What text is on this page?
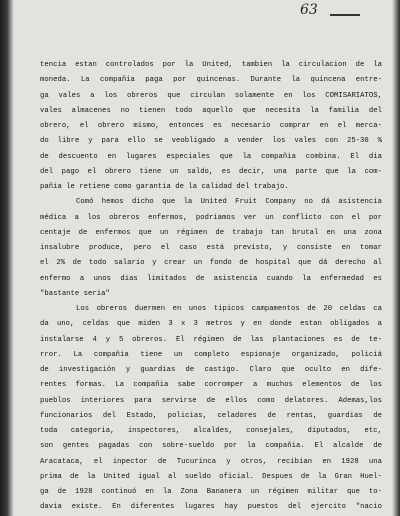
63
tencia estan controlados por la United, tambien la circulacion de la
moneda. La compañia paga por quincenas. Durante la quincena entre-
ga vales a los obreros que circulan solamente en los COMISARIATOS,
vales almacenes no tienen todo aquello que necesita la familia del
obrero, el obrero mismo, entonces es necesario comprar en el merca-
do libre y para ello se veobligado a vender los vales con 25-30 %
de descuento en lugares especiales que la compañia combina. El dia
del pago el obrero tiene un saldo, es decir, una parte que la com-
pañia le retiene como garantia de la calidad del trabajo.
Comó hemos dicho que la United Fruit Company no dá asistencia
médica a los obreros enfermos, podriamos ver un conflicto con el por
centaje de enfermos que un régimen de trabajo tan brutal en una zona
insalubre produce, pero el caso está previsto, y consiste en tomar
el 2% de todo salario y crear un fondo de hospital que dá derecho al
enfermo a unos dias limitados de asistencia cuando la enfermedad es
"bastante seria"
Los obreros duermen en unos tipicos campamentos de 20 celdas ca
da uno, celdas que miden 3 x 3 metros y en donde estan obligados a
instalarse 4 y 5 obreros. El régimen de las plantaciones es de te-
rror. La compañia tiene un completo espionaje organizado, policiá
de investigación y guardias de castigo. Claro que oculto en dife-
rentes formas. La compañia sabe corromper a muchos elementos de los
pueblos interiores para servirse de ellos como delatores. Ademas,los
funcionarios del Estado, policias, celadores de rentas, guardias de
toda categoria, inspectores, alcaldes, consejales, diputados, etc,
son gentes pagadas con sobre-sueldo por la compañia. El alcalde de
Aracataca, el inpector de Tucurinca y otros, recibian en 1928 una
prima de la United igual al sueldo oficial. Despues de la Gran Huel-
ga de 1928 continuó en la Zona Bananera un régimen militar que to-
davia existe. En diferentes lugares hay puestos del ejercito "nacio
